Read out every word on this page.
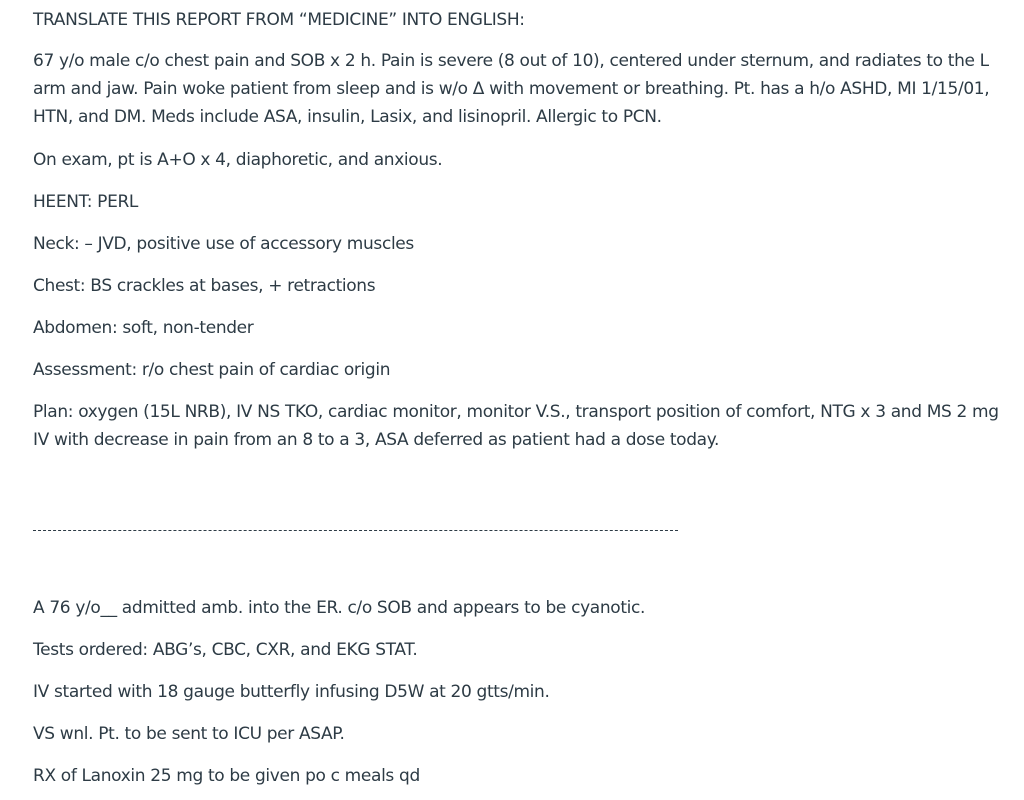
TRANSLATE THIS REPORT FROM “MEDICINE” INTO ENGLISH:

67 y/o male c/o chest pain and SOB x 2 h. Pain is severe (8 out of 10), centered under sternum, and radiates to the L

arm and jaw. Pain woke patient from sleep and is w/o Δ with movement or breathing. Pt. has a h/o ASHD, MI 1/15/01,

HTN, and DM. Meds include ASA, insulin, Lasix, and lisinopril. Allergic to PCN.

On exam, pt is A+O x 4, diaphoretic, and anxious.

HEENT: PERL

Neck: – JVD, positive use of accessory muscles

Chest: BS crackles at bases, + retractions

Abdomen: soft, non-tender

Assessment: r/o chest pain of cardiac origin

Plan: oxygen (15L NRB), IV NS TKO, cardiac monitor, monitor V.S., transport position of comfort, NTG x 3 and MS 2 mg

IV with decrease in pain from an 8 to a 3, ASA deferred as patient had a dose today.

A 76 y/o__ admitted amb. into the ER. c/o SOB and appears to be cyanotic.

Tests ordered: ABG’s, CBC, CXR, and EKG STAT.

IV started with 18 gauge butterfly infusing D5W at 20 gtts/min.

VS wnl. Pt. to be sent to ICU per ASAP.

RX of Lanoxin 25 mg to be given po c meals qd
